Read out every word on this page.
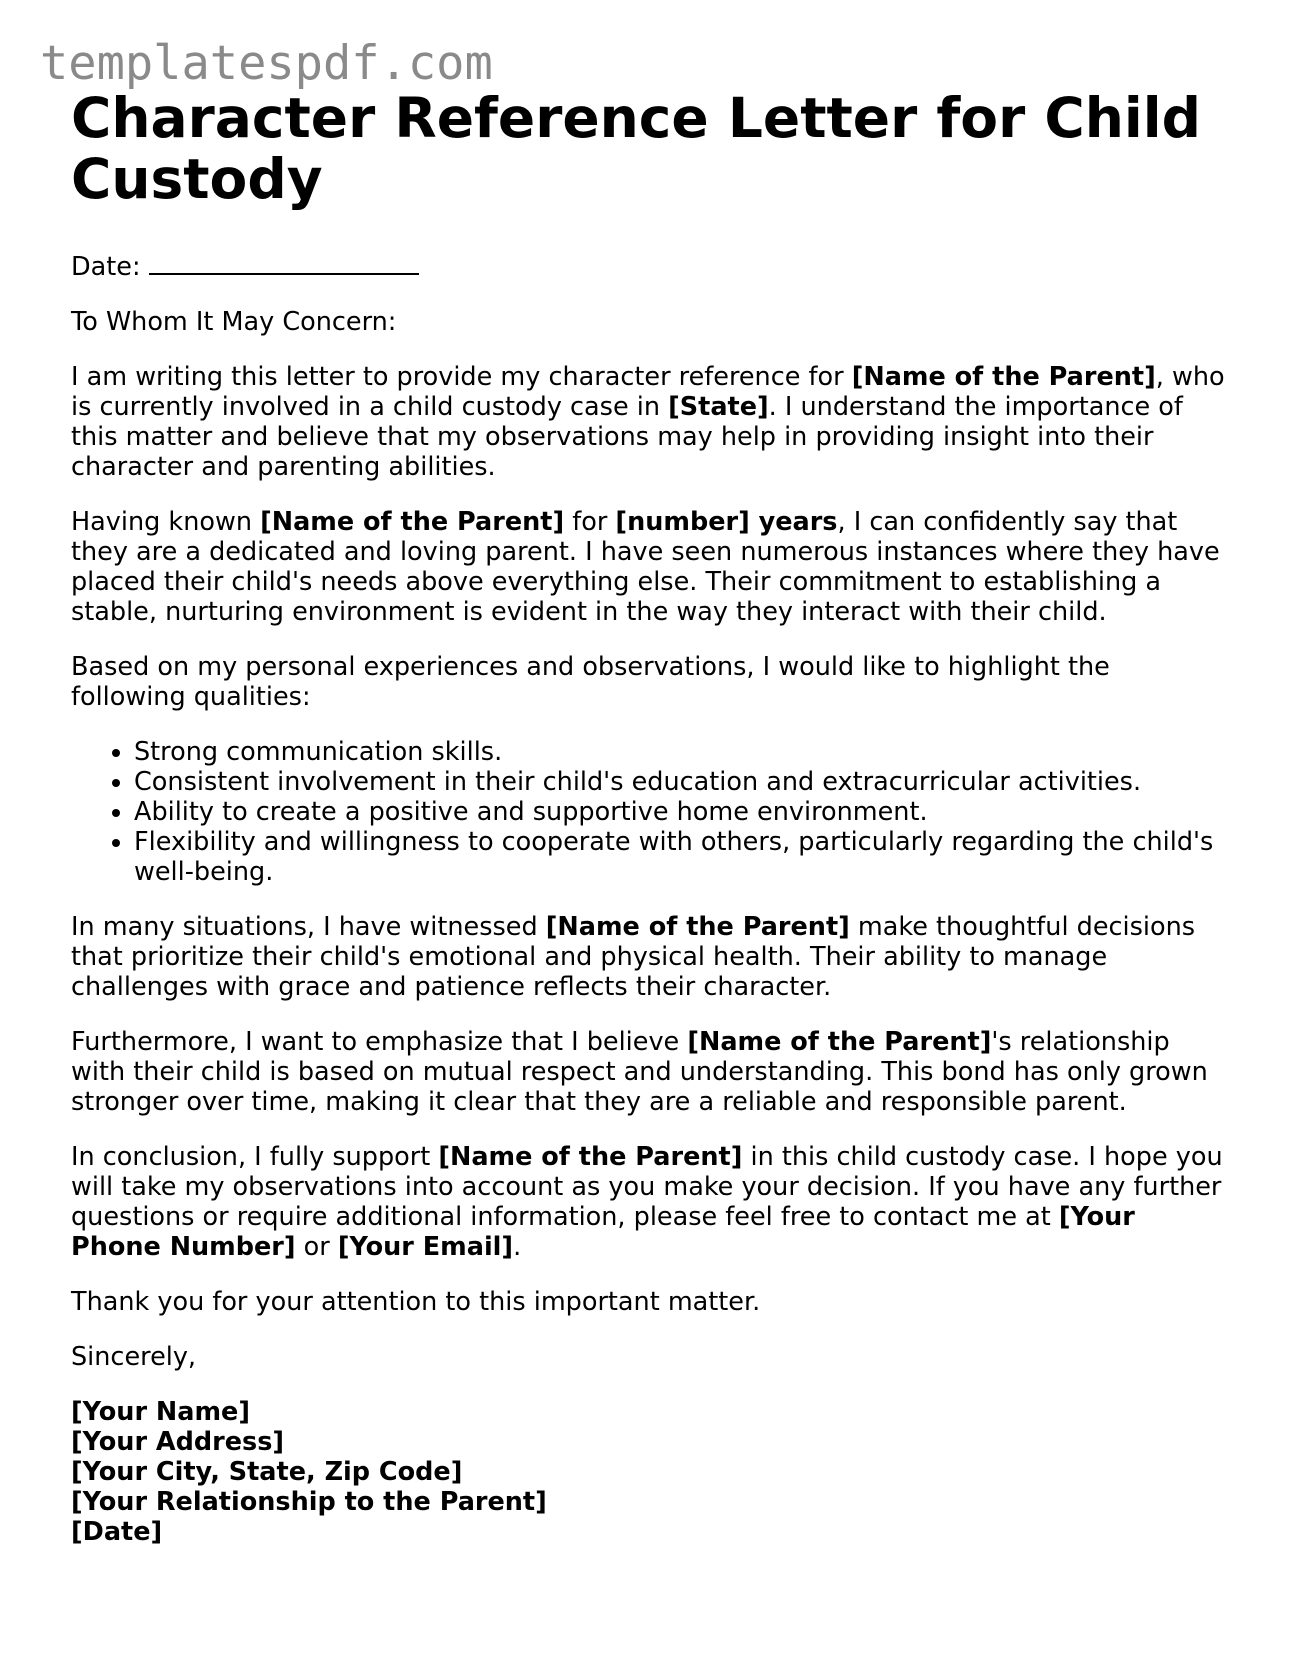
templatespdf.com
Character Reference Letter for Child Custody

Date:

To Whom It May Concern:

I am writing this letter to provide my character reference for [Name of the Parent], who is currently involved in a child custody case in [State]. I understand the importance of this matter and believe that my observations may help in providing insight into their character and parenting abilities.

Having known [Name of the Parent] for [number] years, I can confidently say that they are a dedicated and loving parent. I have seen numerous instances where they have placed their child's needs above everything else. Their commitment to establishing a stable, nurturing environment is evident in the way they interact with their child.

Based on my personal experiences and observations, I would like to highlight the following qualities:

• Strong communication skills.
• Consistent involvement in their child's education and extracurricular activities.
• Ability to create a positive and supportive home environment.
• Flexibility and willingness to cooperate with others, particularly regarding the child's well-being.

In many situations, I have witnessed [Name of the Parent] make thoughtful decisions that prioritize their child's emotional and physical health. Their ability to manage challenges with grace and patience reflects their character.

Furthermore, I want to emphasize that I believe [Name of the Parent]'s relationship with their child is based on mutual respect and understanding. This bond has only grown stronger over time, making it clear that they are a reliable and responsible parent.

In conclusion, I fully support [Name of the Parent] in this child custody case. I hope you will take my observations into account as you make your decision. If you have any further questions or require additional information, please feel free to contact me at [Your Phone Number] or [Your Email].

Thank you for your attention to this important matter.

Sincerely,

[Your Name]
[Your Address]
[Your City, State, Zip Code]
[Your Relationship to the Parent]
[Date]
